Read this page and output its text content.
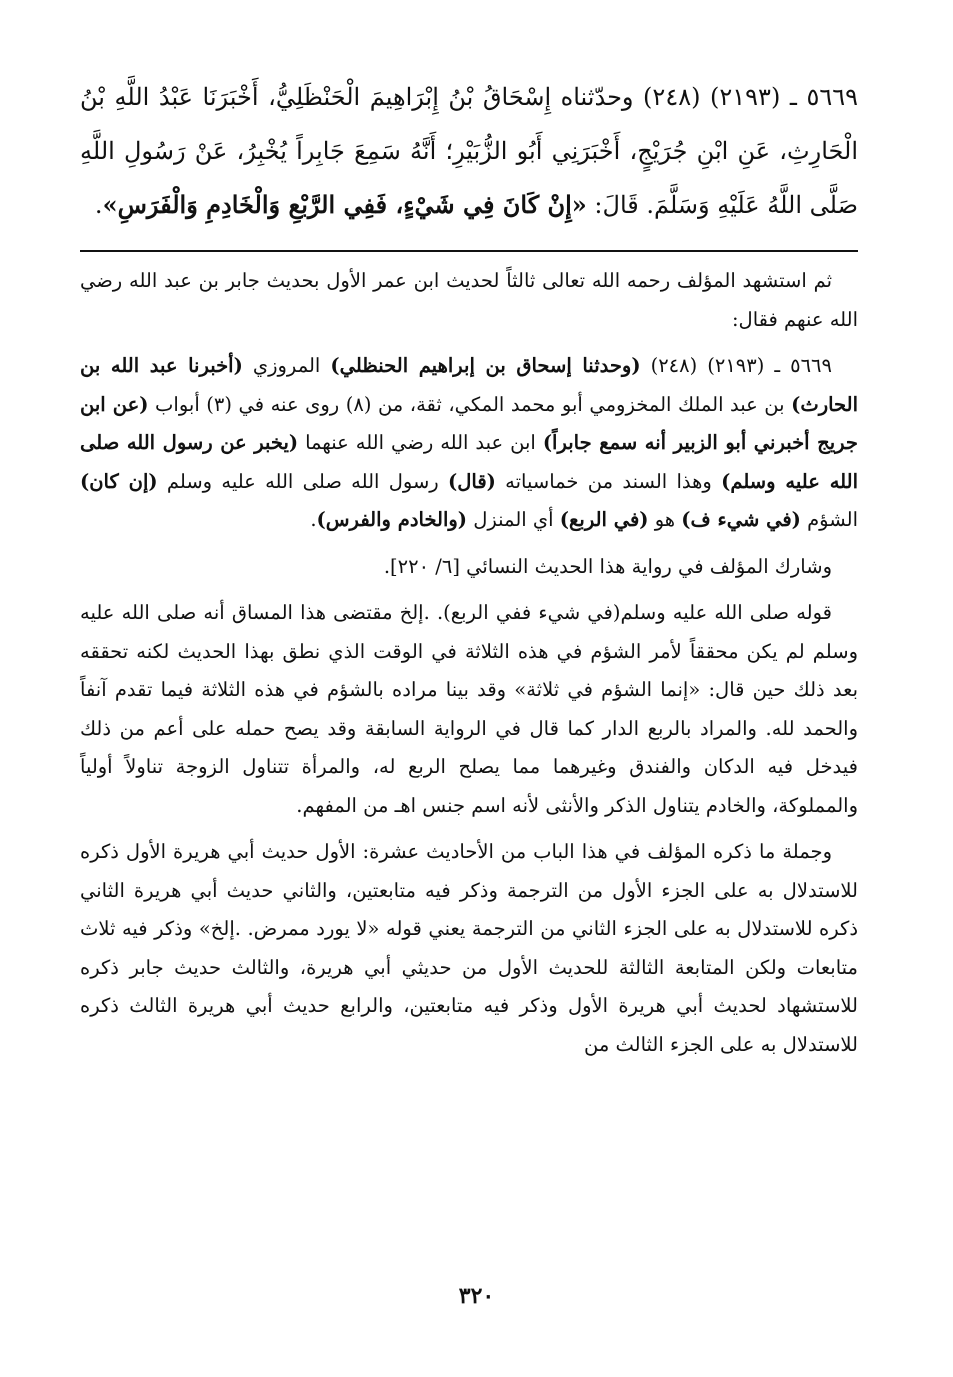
٥٦٦٩ ـ (٢١٩٣) (٢٤٨) وحدّثناه إِسْحَاقُ بْنُ إِبْرَاهِيمَ الْحَنْظَلِيُّ، أَخْبَرَنَا عَبْدُ اللَّهِ بْنُ الْحَارِثِ، عَنِ ابْنِ جُرَيْجٍ، أَخْبَرَنِي أَبُو الزُّبَيْرِ؛ أَنَّهُ سَمِعَ جَابِراً يُخْبِرُ، عَنْ رَسُولِ اللَّهِ صَلَّى اللَّهُ عَلَيْهِ وَسَلَّمَ. قَالَ: «إِنْ كَانَ فِي شَيْءٍ، فَفِي الرَّبْعِ وَالْخَادِمِ وَالْفَرَسِ».

ثم استشهد المؤلف رحمه الله تعالى ثالثاً لحديث ابن عمر الأول بحديث جابر بن عبد الله رضي الله عنهم فقال:

٥٦٦٩ ـ (٢١٩٣) (٢٤٨) (وحدثنا إسحاق بن إبراهيم الحنظلي) المروزي (أخبرنا عبد الله بن الحارث) بن عبد الملك المخزومي أبو محمد المكي، ثقة، من (٨) روى عنه في (٣) أبواب (عن ابن جريج أخبرني أبو الزبير أنه سمع جابراً) ابن عبد الله رضي الله عنهما (يخبر عن رسول الله صلى الله عليه وسلم) وهذا السند من خماسياته (قال) رسول الله صلى الله عليه وسلم (إن كان) الشؤم (في شيء ف) هو (في الربع) أي المنزل (والخادم والفرس).

وشارك المؤلف في رواية هذا الحديث النسائي [٦/ ٢٢٠].

قوله صلى الله عليه وسلم(في شيء ففي الربع). .إلخ مقتضى هذا المساق أنه صلى الله عليه وسلم لم يكن محققاً لأمر الشؤم في هذه الثلاثة في الوقت الذي نطق بهذا الحديث لكنه تحققه بعد ذلك حين قال: «إنما الشؤم في ثلاثة» وقد بينا مراده بالشؤم في هذه الثلاثة فيما تقدم آنفاً والحمد لله. والمراد بالربع الدار كما قال في الرواية السابقة وقد يصح حمله على أعم من ذلك فيدخل فيه الدكان والفندق وغيرهما مما يصلح الربع له، والمرأة تتناول الزوجة تناولاً أولياً والمملوكة، والخادم يتناول الذكر والأنثى لأنه اسم جنس اهـ من المفهم.

وجملة ما ذكره المؤلف في هذا الباب من الأحاديث عشرة: الأول حديث أبي هريرة الأول ذكره للاستدلال به على الجزء الأول من الترجمة وذكر فيه متابعتين، والثاني حديث أبي هريرة الثاني ذكره للاستدلال به على الجزء الثاني من الترجمة يعني قوله «لا يورد ممرض. .إلخ» وذكر فيه ثلاث متابعات ولكن المتابعة الثالثة للحديث الأول من حديثي أبي هريرة، والثالث حديث جابر ذكره للاستشهاد لحديث أبي هريرة الأول وذكر فيه متابعتين، والرابع حديث أبي هريرة الثالث ذكره للاستدلال به على الجزء الثالث من

٣٢٠
